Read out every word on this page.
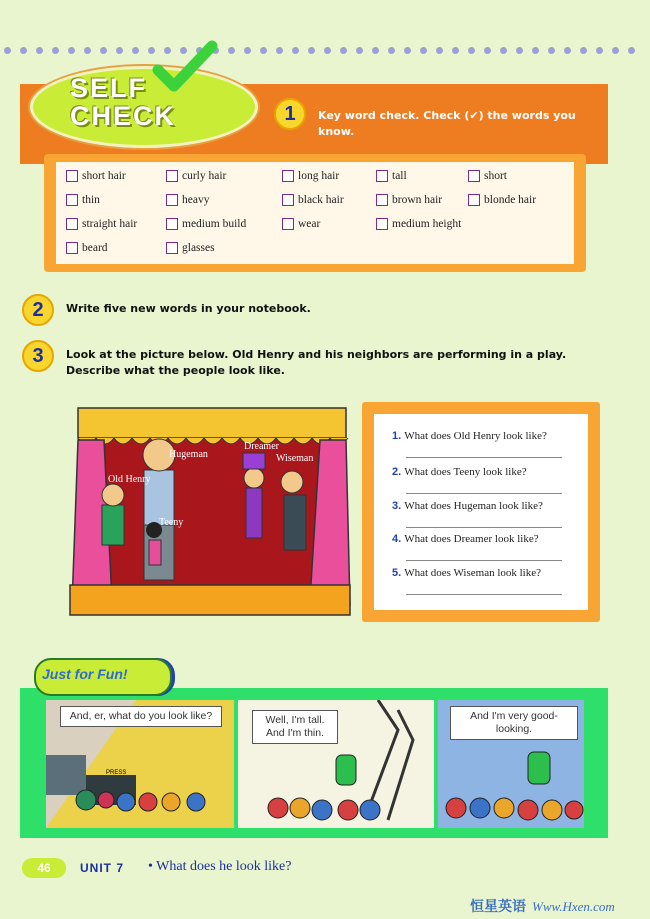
SELF
CHECK	1	Key word check. Check (✔) the words you know.
short hair	curly hair	long hair	tall	short
thin	heavy	black hair	brown hair	blonde hair
straight hair	medium build	wear	medium height
beard	glasses
2	Write five new words in your notebook.
3	Look at the picture below. Old Henry and his neighbors are performing in a play. Describe what the people look like.
Hugeman
Dreamer
Wiseman
Old Henry
Teeny
1. What does Old Henry look like?
2. What does Teeny look like?
3. What does Hugeman look like?
4. What does Dreamer look like?
5. What does Wiseman look like?
Just for Fun!
PRESS
And, er, what do you look like?	Well, I'm tall. And I'm thin.
And I'm very good-looking.
46	UNIT 7 • What does he look like?
恒星英语 Www.Hxen.com
